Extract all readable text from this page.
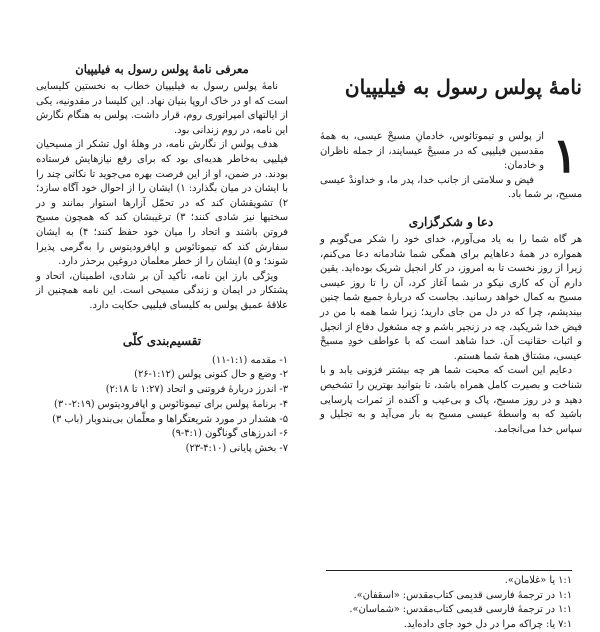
نامهٔ پولس رسول به فیلیپیان
۱

از پولس و تیموتائوس، خادمانِ مسیحْ عیسی، به همهٔ مقدسین فیلیپی که در مسیحْ عیسایند، از جمله ناظران و خادمان:

فیض و سلامتی از جانب خدا، پدر ما، و خداوندْ عیسی مسیح، بر شما باد.

دعا و شکرگزاری

هر گاه شما را به یاد می‌آورم، خدای خود را شکر می‌گویم و همواره در همهٔ دعاهایم برای همگی شما شادمانه دعا می‌کنم، زیرا از روز نخست تا به امروز، در کار انجیل شریک بوده‌اید. یقین دارم آن که کاری نیکو در شما آغاز کرد، آن را تا روز عیسی مسیح به کمال خواهد رسانید. بجاست که دربارهٔ جمیع شما چنین بیندیشم، چرا که در دل من جای دارید؛ زیرا شما همه با من در فیض خدا شریکید، چه در زنجیر باشم و چه مشغول دفاع از انجیل و اثبات حقانیت آن. خدا شاهد است که با عواطف خودِ مسیحْ عیسی، مشتاق همهٔ شما هستم.

دعایم این است که محبت شما هر چه بیشتر فزونی یابد و با شناخت و بصیرت کامل همراه باشد، تا بتوانید بهترین را تشخیص دهید و در روز مسیح، پاک و بی‌عیب و آکنده از ثمرات پارسایی باشید که به واسطهٔ عیسی مسیح به بار می‌آید و به تجلیل و سپاس خدا می‌انجامد.

معرفی نامهٔ پولس رسول به فیلیپیان

نامهٔ پولس رسول به فیلیپیان خطاب به نخستین کلیسایی است که او در خاک اروپا بنیان نهاد. این کلیسا در مقدونیه، یکی از ایالتهای امپراتوری روم، قرار داشت. پولس به هنگام نگارش این نامه، در روم زندانی بود.

هدف پولس از نگارش نامه، در وهلهٔ اول تشکر از مسیحیان فیلیپی به‌خاطر هدیه‌ای بود که برای رفع نیازهایش فرستاده بودند. در ضمن، او از این فرصت بهره می‌جوید تا نکاتی چند را با ایشان در میان بگذارد: ۱) ایشان را از احوال خود آگاه سازد؛ ۲) تشویقشان کند که در تحمّل آزارها استوار بمانند و در سختیها نیز شادی کنند؛ ۳) ترغیبشان کند که همچون مسیح فروتن باشند و اتحاد را میان خود حفظ کنند؛ ۴) به ایشان سفارش کند که تیموتائوس و اپافرودیتوس را به‌گرمی پذیرا شوند؛ و ۵) ایشان را از خطر معلمان دروغین برحذر دارد.

ویژگی بارز این نامه، تأکید آن بر شادی، اطمینان، اتحاد و پشتکار در ایمان و زندگی مسیحی است. این نامه همچنین از علاقهٔ عمیق پولس به کلیسای فیلیپی حکایت دارد.

تقسیم‌بندی کلّی
۱- مقدمه (۱:۱-۱۱)
۲- وضع و حال کنونی پولس (۱:۱۲-۲۶)
۳- اندرز دربارهٔ فروتنی و اتحاد (۱:۲۷ تا ۲:۱۸)
۴- برنامهٔ پولس برای تیموتائوس و اپافرودیتوس (۲:۱۹-۳۰)
۵- هشدار در مورد شریعتگراها و معلّمان بی‌بندوبار (باب ۳)
۶- اندرزهای گوناگون (۴:۱-۹)
۷- بخش پایانی (۴:۱۰-۲۳)

۱:۱ یا «غلامان».

۱:۱ در ترجمهٔ فارسی قدیمی کتاب‌مقدس: «اسقفان».

۱:۱ در ترجمهٔ فارسی قدیمی کتاب‌مقدس: «شماسان».

۷:۱ یا: چراکه مرا در دل خود جای داده‌اید.
